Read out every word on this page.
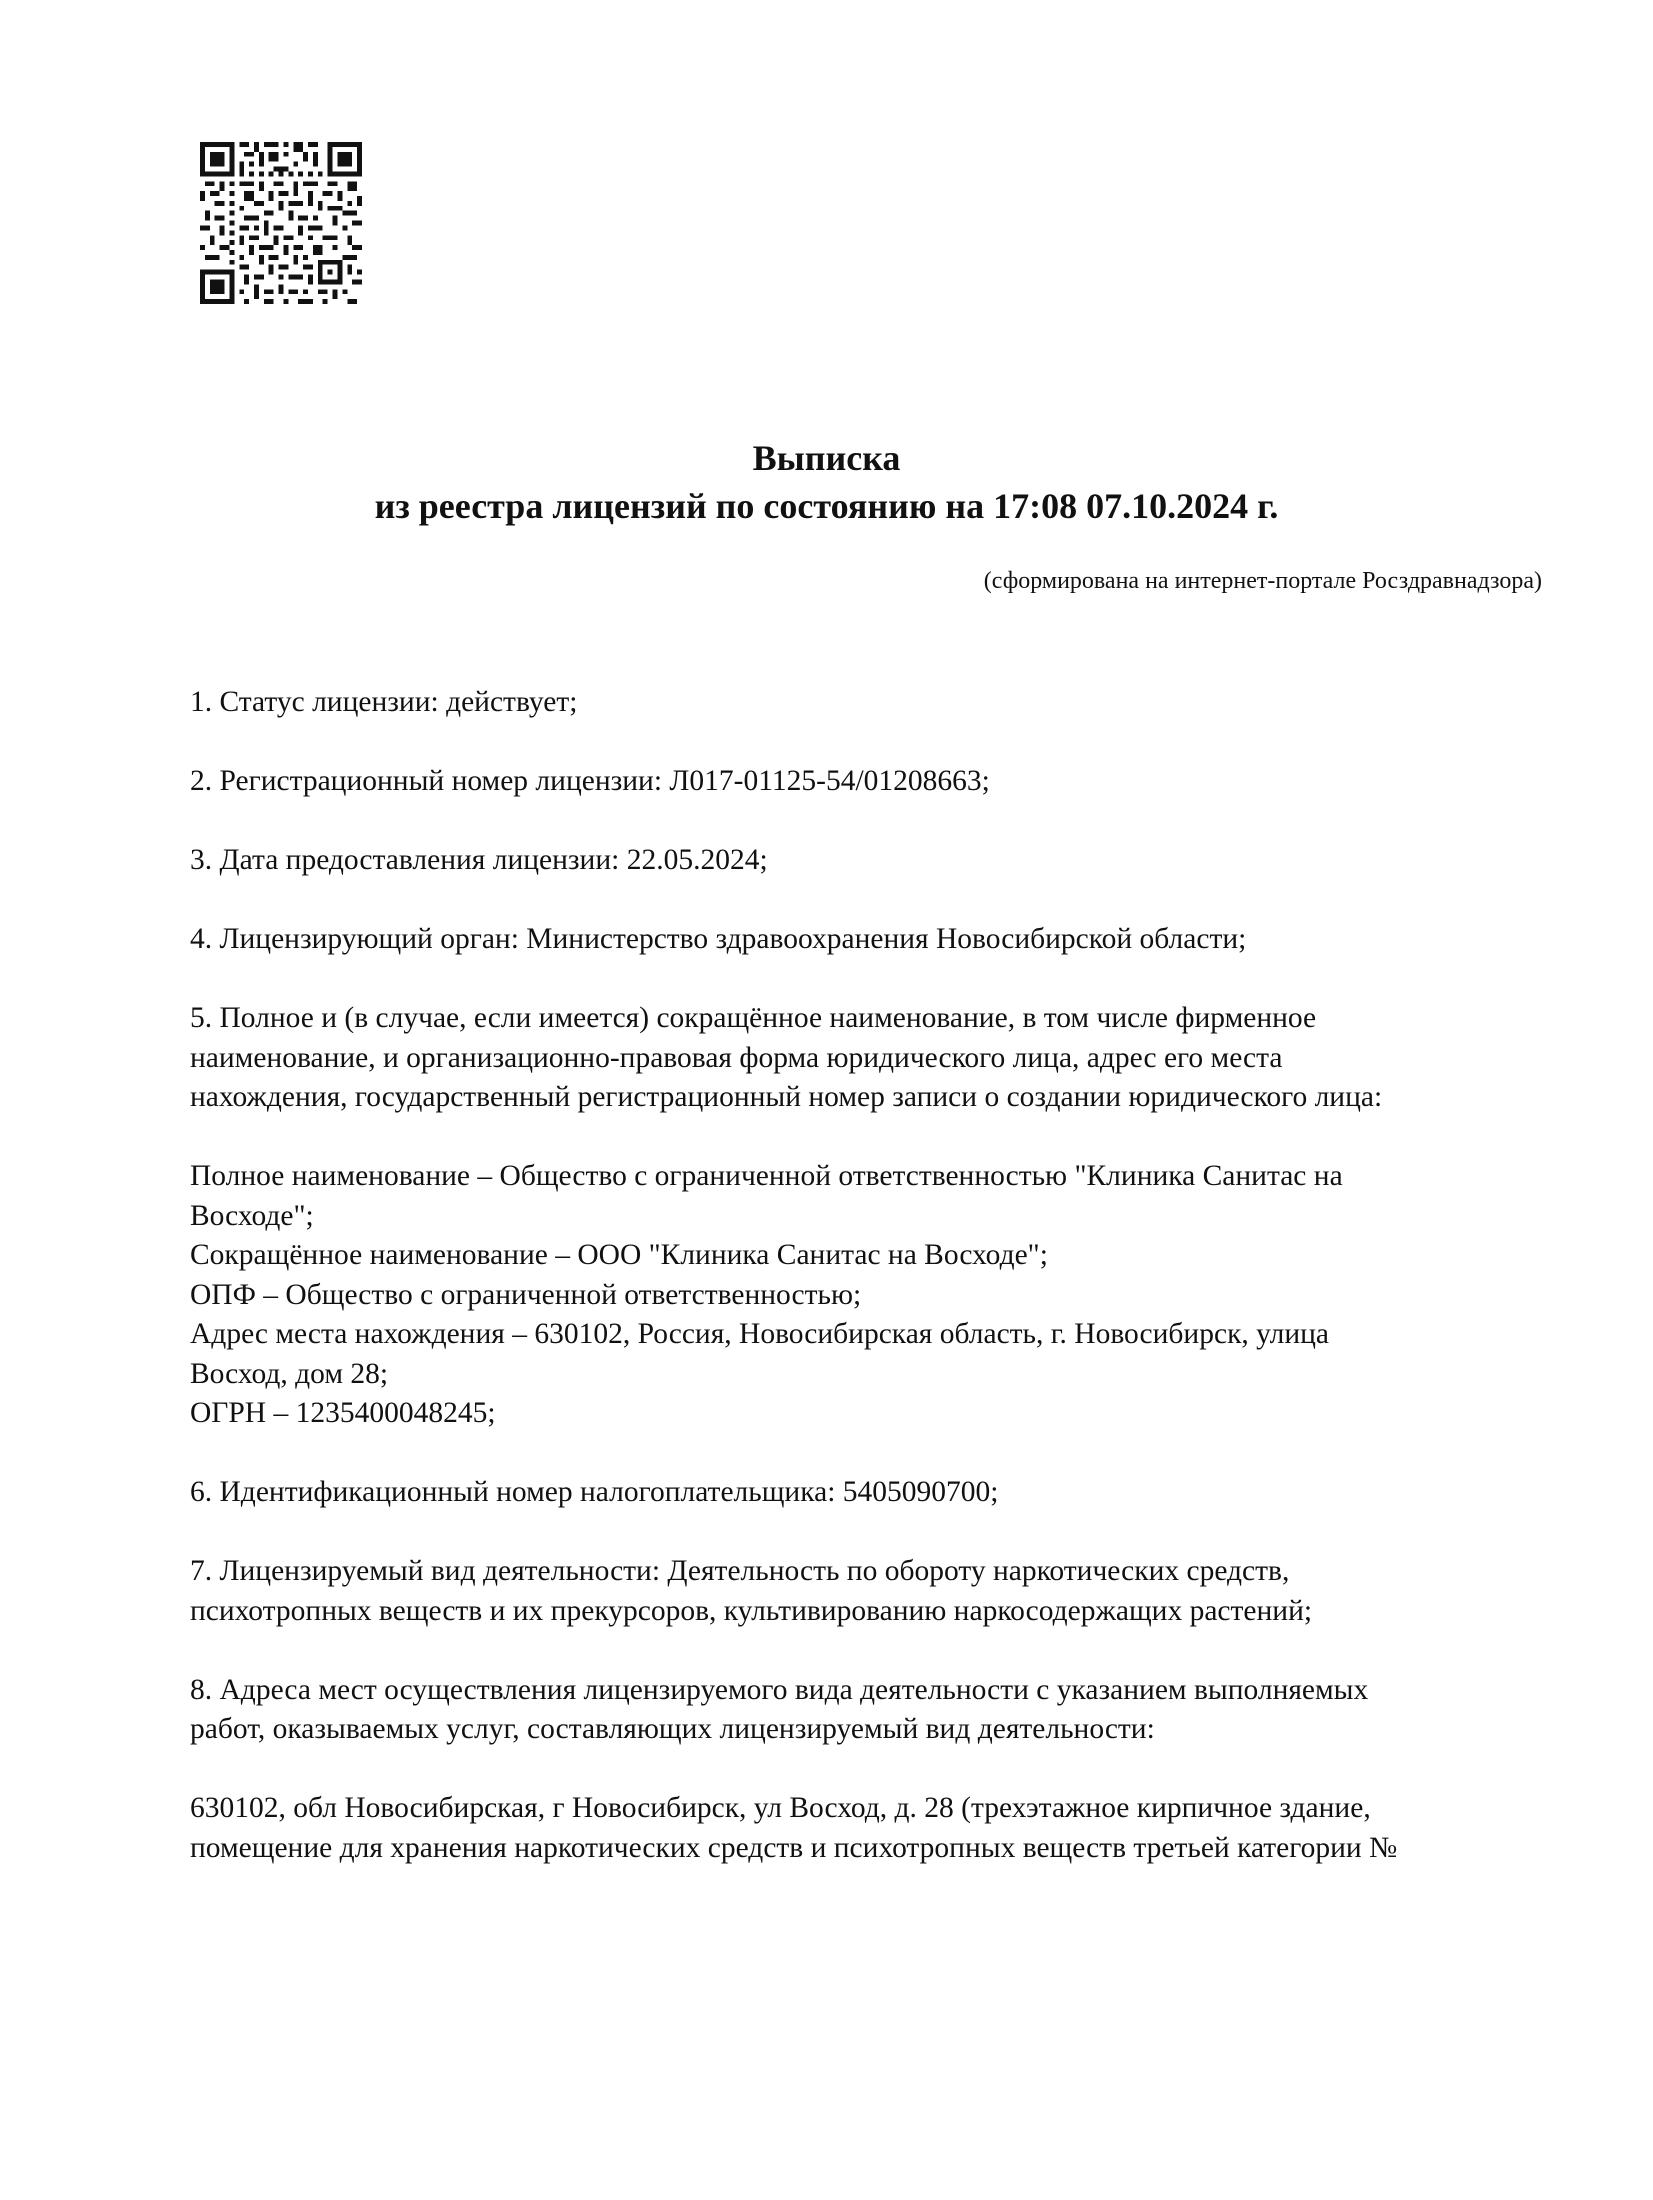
Выписка
из реестра лицензий по состоянию на 17:08 07.10.2024 г.
(сформирована на интернет-портале Росздравнадзора)
1. Статус лицензии: действует;
2. Регистрационный номер лицензии: Л017-01125-54/01208663;
3. Дата предоставления лицензии: 22.05.2024;
4. Лицензирующий орган: Министерство здравоохранения Новосибирской области;
5. Полное и (в случае, если имеется) сокращённое наименование, в том числе фирменное
наименование, и организационно-правовая форма юридического лица, адрес его места
нахождения, государственный регистрационный номер записи о создании юридического лица:
Полное наименование – Общество с ограниченной ответственностью "Клиника Санитас на
Восходе";
Сокращённое наименование – ООО "Клиника Санитас на Восходе";
ОПФ – Общество с ограниченной ответственностью;
Адрес места нахождения – 630102, Россия, Новосибирская область, г. Новосибирск, улица
Восход, дом 28;
ОГРН – 1235400048245;
6. Идентификационный номер налогоплательщика: 5405090700;
7. Лицензируемый вид деятельности: Деятельность по обороту наркотических средств,
психотропных веществ и их прекурсоров, культивированию наркосодержащих растений;
8. Адреса мест осуществления лицензируемого вида деятельности с указанием выполняемых
работ, оказываемых услуг, составляющих лицензируемый вид деятельности:
630102, обл Новосибирская, г Новосибирск, ул Восход, д. 28 (трехэтажное кирпичное здание,
помещение для хранения наркотических средств и психотропных веществ третьей категории №
